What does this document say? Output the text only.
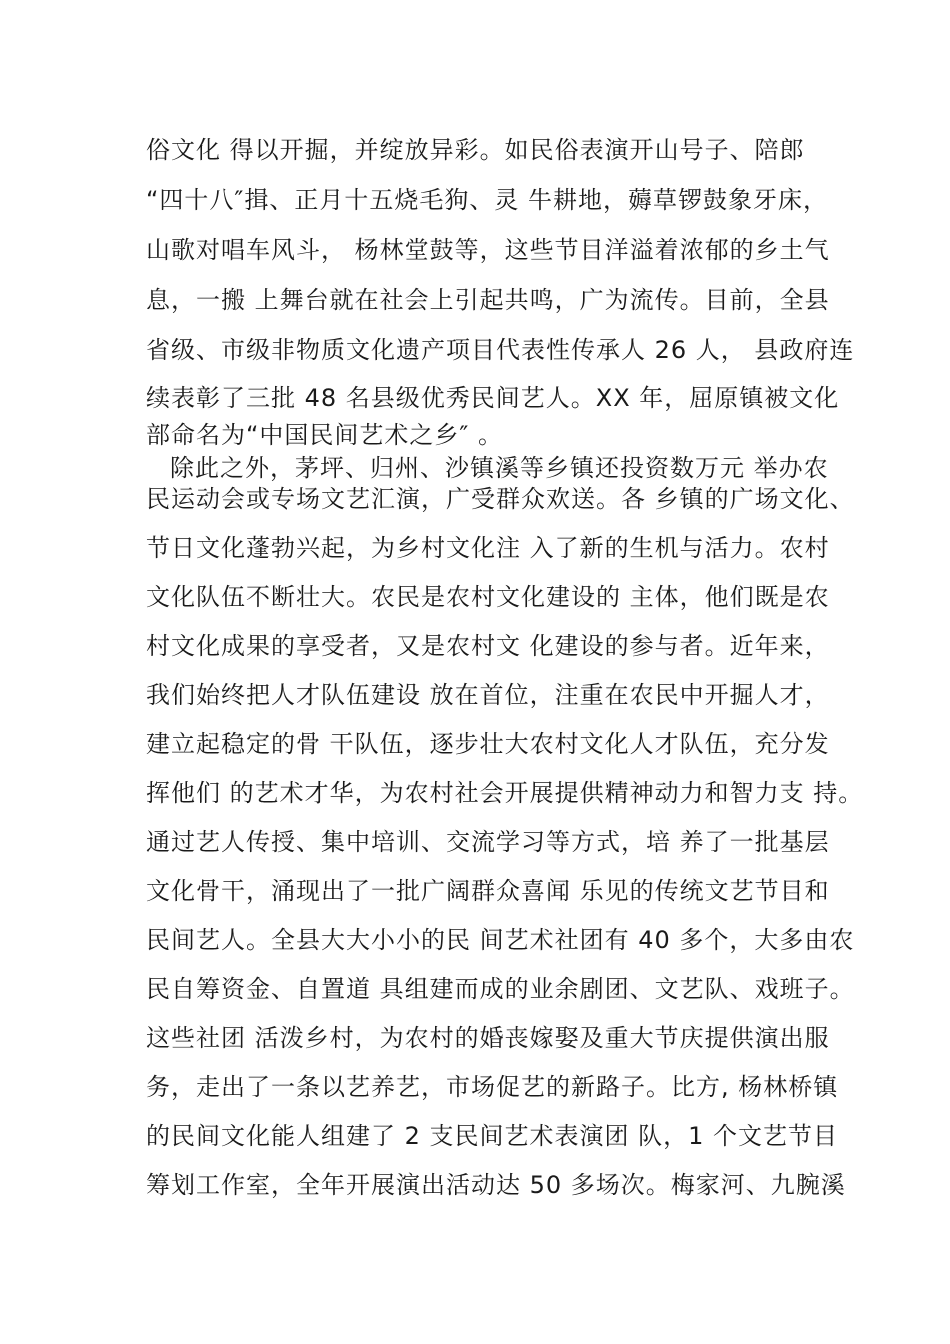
俗文化 得以开掘，并绽放异彩。如民俗表演开山号子、陪郎
“四十八″揖、正月十五烧毛狗、灵 牛耕地，薅草锣鼓象牙床，
山歌对唱车风斗， 杨林堂鼓等，这些节目洋溢着浓郁的乡土气
息，一搬 上舞台就在社会上引起共鸣，广为流传。目前，全县
省级、市级非物质文化遗产项目代表性传承人 26 人， 县政府连
续表彰了三批 48 名县级优秀民间艺人。XX 年，屈原镇被文化
部命名为“中国民间艺术之乡″ 。
除此之外，茅坪、归州、沙镇溪等乡镇还投资数万元 举办农
民运动会或专场文艺汇演，广受群众欢送。各 乡镇的广场文化、
节日文化蓬勃兴起，为乡村文化注 入了新的生机与活力。农村
文化队伍不断壮大。农民是农村文化建设的 主体，他们既是农
村文化成果的享受者，又是农村文 化建设的参与者。近年来，
我们始终把人才队伍建设 放在首位，注重在农民中开掘人才，
建立起稳定的骨 干队伍，逐步壮大农村文化人才队伍，充分发
挥他们 的艺术才华，为农村社会开展提供精神动力和智力支 持。
通过艺人传授、集中培训、交流学习等方式，培 养了一批基层
文化骨干，涌现出了一批广阔群众喜闻 乐见的传统文艺节目和
民间艺人。全县大大小小的民 间艺术社团有 40 多个，大多由农
民自筹资金、自置道 具组建而成的业余剧团、文艺队、戏班子。
这些社团 活泼乡村，为农村的婚丧嫁娶及重大节庆提供演出服
务，走出了一条以艺养艺，市场促艺的新路子。比方, 杨林桥镇
的民间文化能人组建了 2 支民间艺术表演团 队，1 个文艺节目
筹划工作室，全年开展演出活动达 50 多场次。梅家河、九腕溪
